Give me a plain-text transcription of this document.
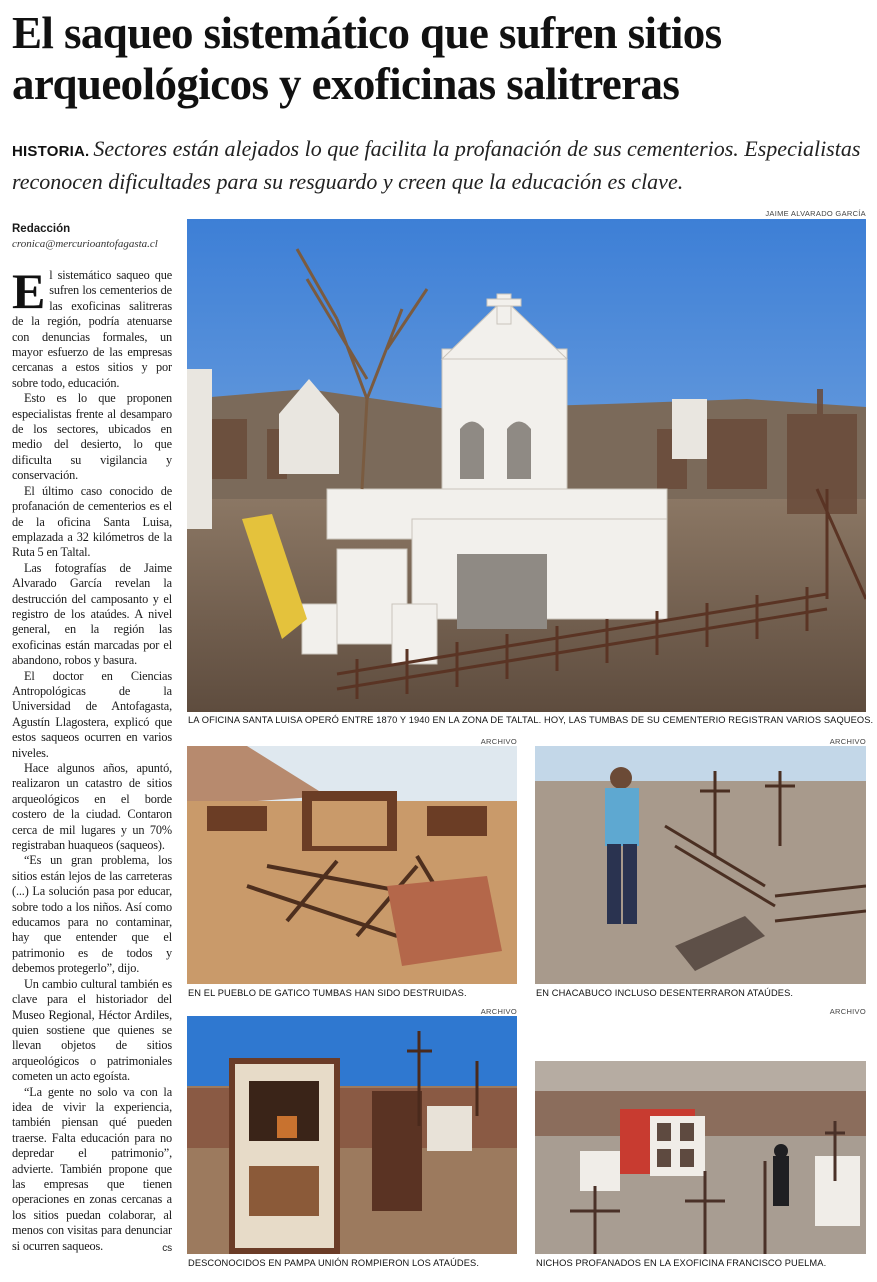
El saqueo sistemático que sufren sitios arqueológicos y exoficinas salitreras
HISTORIA. Sectores están alejados lo que facilita la profanación de sus cementerios. Especialistas reconocen dificultades para su resguardo y creen que la educación es clave.
Redacción
cronica@mercurioantofagasta.cl

El sistemático saqueo que sufren los cementerios de las exoficinas salitreras de la región, podría atenuarse con denuncias formales, un mayor esfuerzo de las empresas cercanas a estos sitios y por sobre todo, educación.

Esto es lo que proponen especialistas frente al desamparo de los sectores, ubicados en medio del desierto, lo que dificulta su vigilancia y conservación.

El último caso conocido de profanación de cementerios es el de la oficina Santa Luisa, emplazada a 32 kilómetros de la Ruta 5 en Taltal.

Las fotografías de Jaime Alvarado García revelan la destrucción del camposanto y el registro de los ataúdes. A nivel general, en la región las exoficinas están marcadas por el abandono, robos y basura.

El doctor en Ciencias Antropológicas de la Universidad de Antofagasta, Agustín Llagostera, explicó que estos saqueos ocurren en varios niveles.

Hace algunos años, apuntó, realizaron un catastro de sitios arqueológicos en el borde costero de la ciudad. Contaron cerca de mil lugares y un 70% registraban huaqueos (saqueos).

“Es un gran problema, los sitios están lejos de las carreteras (...) La solución pasa por educar, sobre todo a los niños. Así como educamos para no contaminar, hay que entender que el patrimonio es de todos y debemos protegerlo”, dijo.

Un cambio cultural también es clave para el historiador del Museo Regional, Héctor Ardiles, quien sostiene que quienes se llevan objetos de sitios arqueológicos o patrimoniales cometen un acto egoísta.

“La gente no solo va con la idea de vivir la experiencia, también piensan qué pueden traerse. Falta educación para no depredar el patrimonio”, advierte. También propone que las empresas que tienen operaciones en zonas cercanas a los sitios puedan colaborar, al menos con visitas para denunciar si ocurren saqueos.	cs

JAIME ALVARADO GARCÍA
LA OFICINA SANTA LUISA OPERÓ ENTRE 1870 Y 1940 EN LA ZONA DE TALTAL. HOY, LAS TUMBAS DE SU CEMENTERIO REGISTRAN VARIOS SAQUEOS.
ARCHIVO
EN EL PUEBLO DE GATICO TUMBAS HAN SIDO DESTRUIDAS.
ARCHIVO
EN CHACABUCO INCLUSO DESENTERRARON ATAÚDES.
ARCHIVO
DESCONOCIDOS EN PAMPA UNIÓN ROMPIERON LOS ATAÚDES.
ARCHIVO
NICHOS PROFANADOS EN LA EXOFICINA FRANCISCO PUELMA.
